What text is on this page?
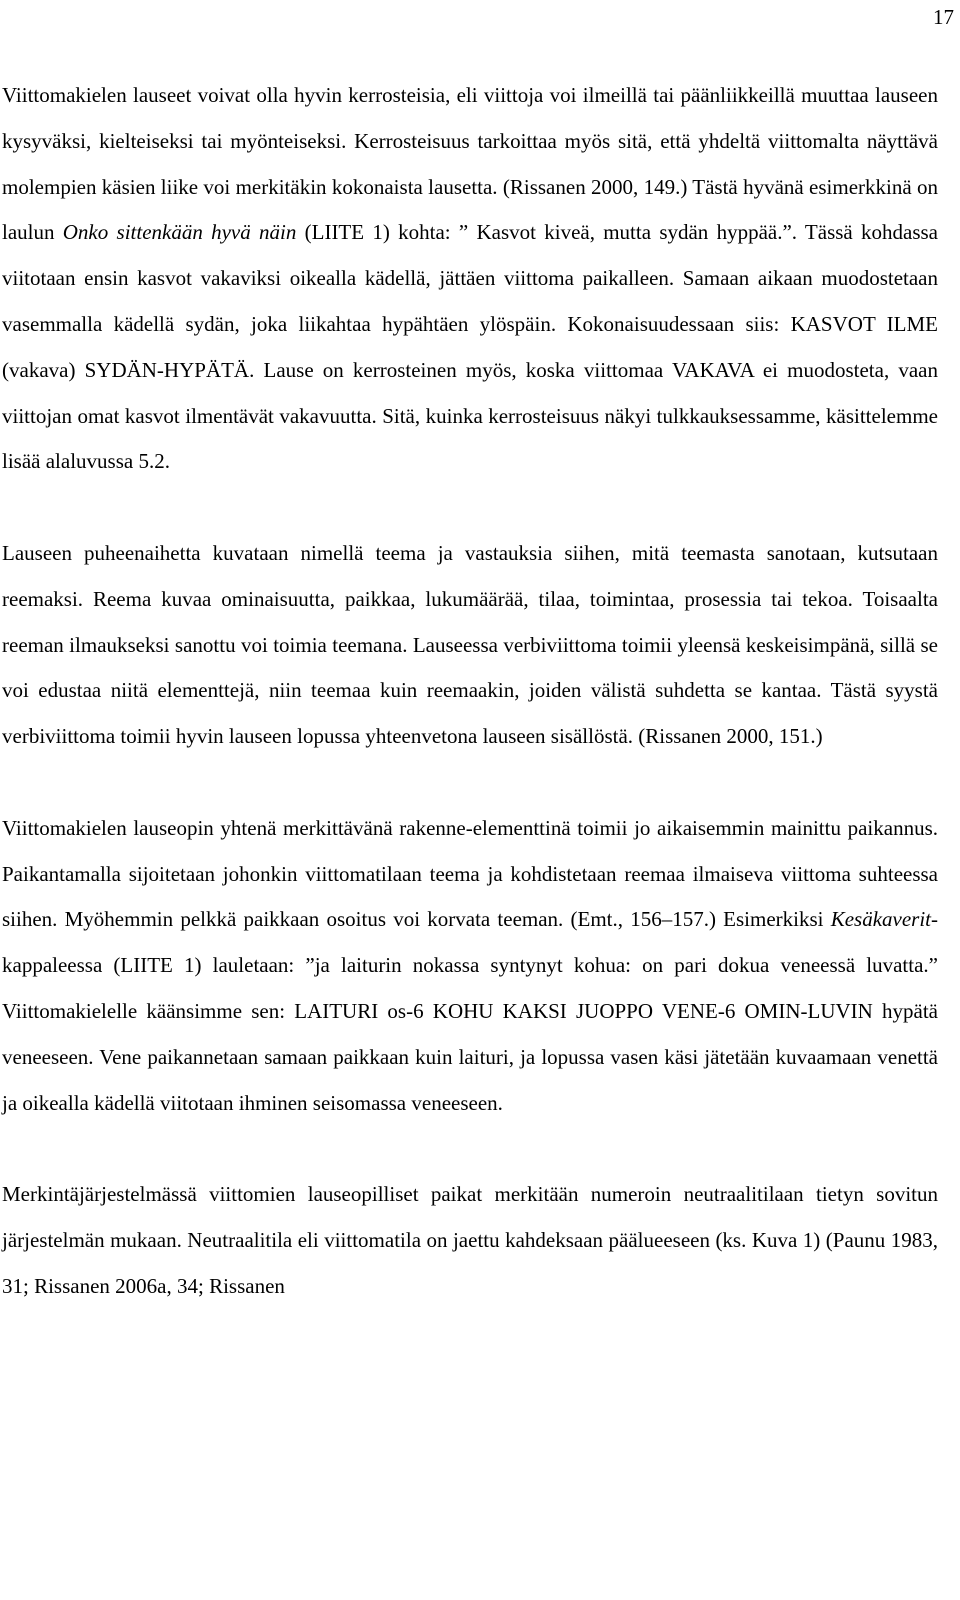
17

Viittomakielen lauseet voivat olla hyvin kerrosteisia, eli viittoja voi ilmeillä tai päänliikkeillä muuttaa lauseen kysyväksi, kielteiseksi tai myönteiseksi. Kerrosteisuus tarkoittaa myös sitä, että yhdeltä viittomalta näyttävä molempien käsien liike voi merkitäkin kokonaista lausetta. (Rissanen 2000, 149.) Tästä hyvänä esimerkkinä on laulun Onko sittenkään hyvä näin (LIITE 1) kohta: ” Kasvot kiveä, mutta sydän hyppää.”. Tässä kohdassa viitotaan ensin kasvot vakaviksi oikealla kädellä, jättäen viittoma paikalleen. Samaan aikaan muodostetaan vasemmalla kädellä sydän, joka liikahtaa hypähtäen ylöspäin. Kokonaisuudessaan siis: KASVOT ILME (vakava) SYDÄN-HYPÄTÄ. Lause on kerrosteinen myös, koska viittomaa VAKAVA ei muodosteta, vaan viittojan omat kasvot ilmentävät vakavuutta. Sitä, kuinka kerrosteisuus näkyi tulkkauksessamme, käsittelemme lisää alaluvussa 5.2.

Lauseen puheenaihetta kuvataan nimellä teema ja vastauksia siihen, mitä teemasta sanotaan, kutsutaan reemaksi. Reema kuvaa ominaisuutta, paikkaa, lukumäärää, tilaa, toimintaa, prosessia tai tekoa. Toisaalta reeman ilmaukseksi sanottu voi toimia teemana. Lauseessa verbiviittoma toimii yleensä keskeisimpänä, sillä se voi edustaa niitä elementtejä, niin teemaa kuin reemaakin, joiden välistä suhdetta se kantaa. Tästä syystä verbiviittoma toimii hyvin lauseen lopussa yhteenvetona lauseen sisällöstä. (Rissanen 2000, 151.)

Viittomakielen lauseopin yhtenä merkittävänä rakenne-elementtinä toimii jo aikaisemmin mainittu paikannus. Paikantamalla sijoitetaan johonkin viittomatilaan teema ja kohdistetaan reemaa ilmaiseva viittoma suhteessa siihen. Myöhemmin pelkkä paikkaan osoitus voi korvata teeman. (Emt., 156–157.) Esimerkiksi Kesäkaverit-kappaleessa (LIITE 1) lauletaan: ”ja laiturin nokassa syntynyt kohua: on pari dokua veneessä luvatta.” Viittomakielelle käänsimme sen: LAITURI os-6 KOHU KAKSI JUOPPO VENE-6 OMIN-LUVIN hypätä veneeseen. Vene paikannetaan samaan paikkaan kuin laituri, ja lopussa vasen käsi jätetään kuvaamaan venettä ja oikealla kädellä viitotaan ihminen seisomassa veneeseen.

Merkintäjärjestelmässä viittomien lauseopilliset paikat merkitään numeroin neutraalitilaan tietyn sovitun järjestelmän mukaan. Neutraalitila eli viittomatila on jaettu kahdeksaan päälueeseen (ks. Kuva 1) (Paunu 1983, 31; Rissanen 2006a, 34; Rissanen
